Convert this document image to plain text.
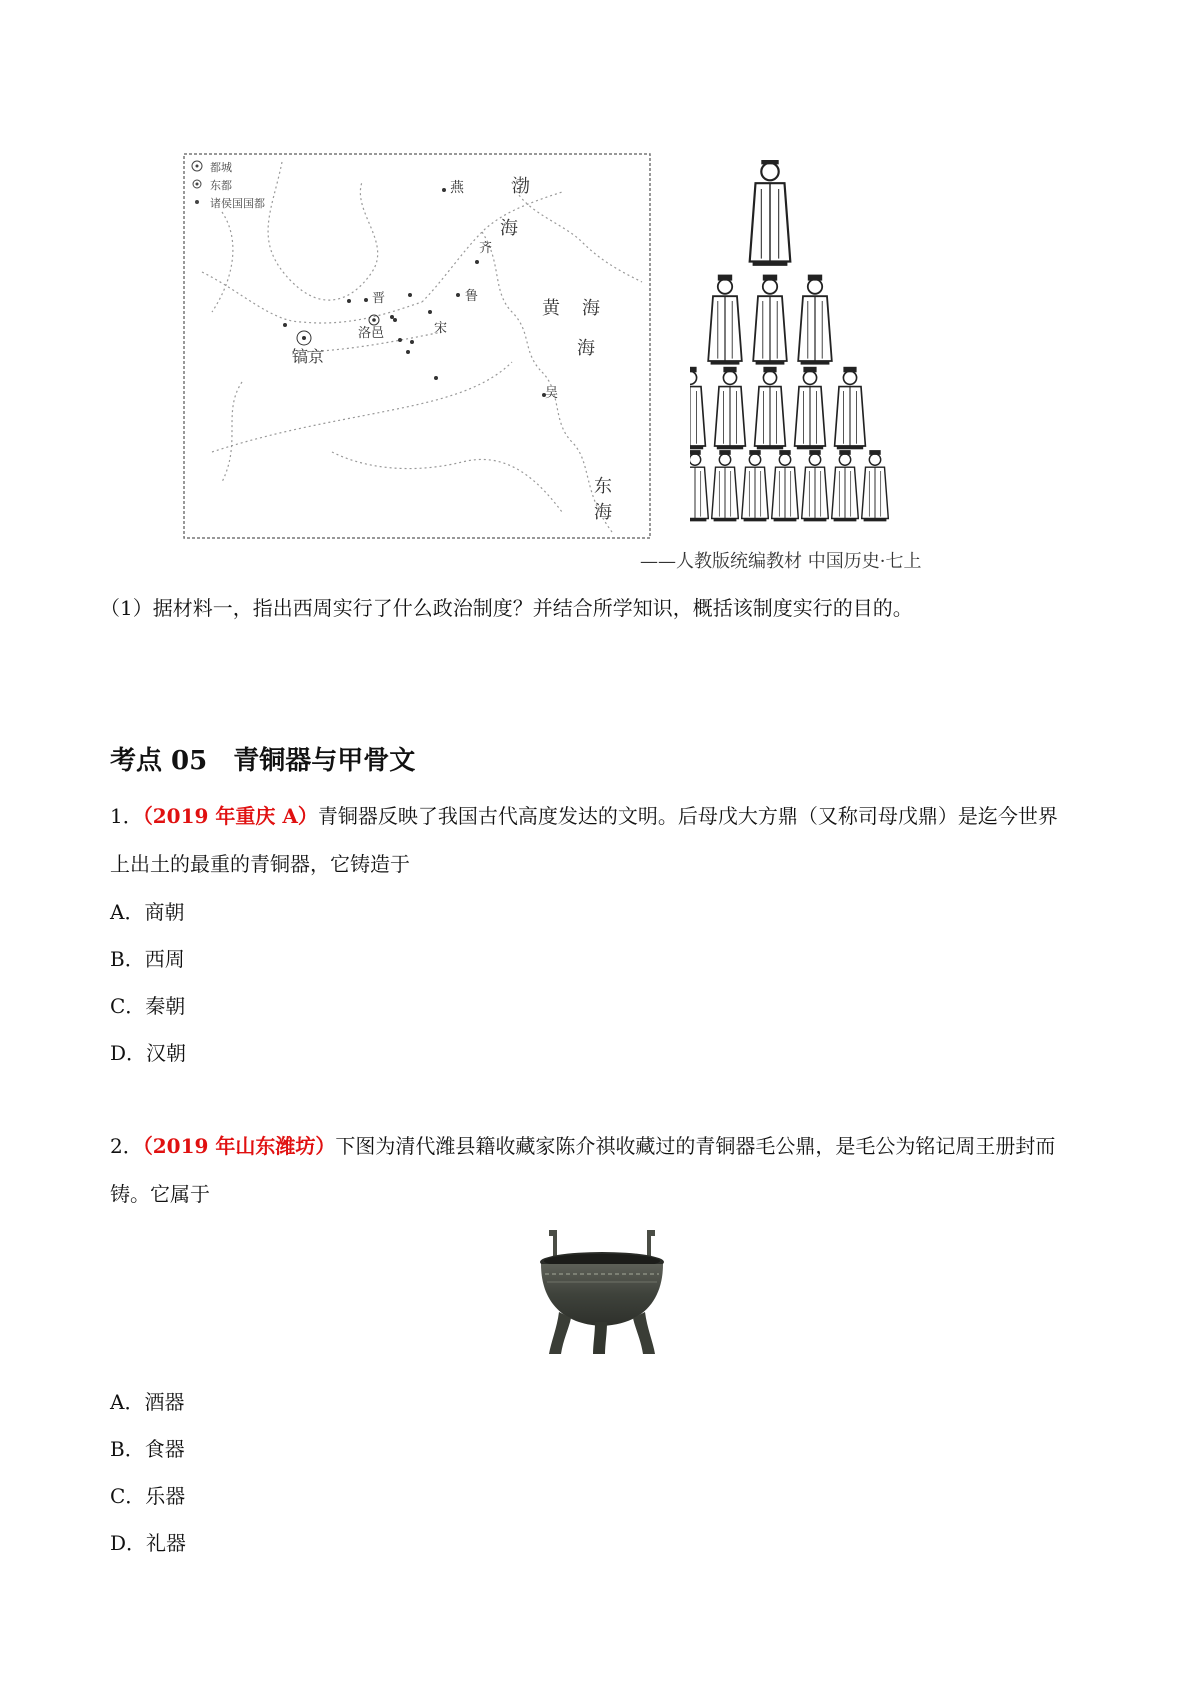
都城
东都
诸侯国国都
镐京
洛邑
燕	渤
海
齐
鲁
晋
宋
黄 海
海
吴
东
海
——人教版统编教材 中国历史·七上
（1）据材料一，指出西周实行了什么政治制度？并结合所学知识，概括该制度实行的目的。
考点 05　青铜器与甲骨文
1．（2019 年重庆 A）青铜器反映了我国古代高度发达的文明。后母戊大方鼎（又称司母戊鼎）是迄今世界
上出土的最重的青铜器，它铸造于
A．商朝
B．西周
C．秦朝
D．汉朝
2．（2019 年山东潍坊）下图为清代潍县籍收藏家陈介祺收藏过的青铜器毛公鼎，是毛公为铭记周王册封而
铸。它属于
A．酒器
B．食器
C．乐器
D．礼器
